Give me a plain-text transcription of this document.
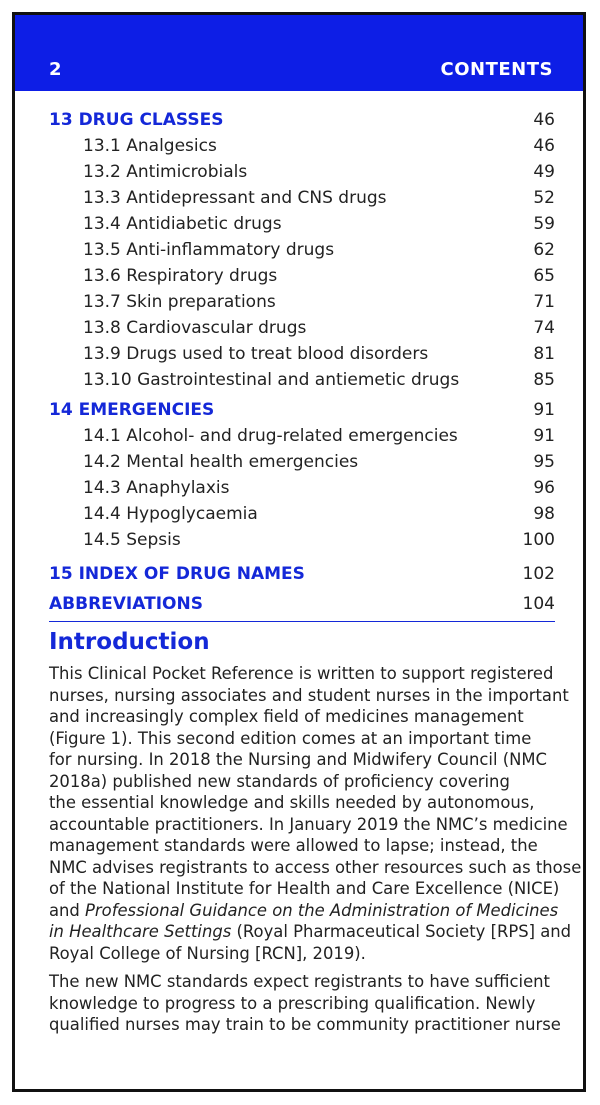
2	CONTENTS
13 DRUG CLASSES	46
13.1 Analgesics	46
13.2 Antimicrobials	49
13.3 Antidepressant and CNS drugs	52
13.4 Antidiabetic drugs	59
13.5 Anti-inflammatory drugs	62
13.6 Respiratory drugs	65
13.7 Skin preparations	71
13.8 Cardiovascular drugs	74
13.9 Drugs used to treat blood disorders	81
13.10 Gastrointestinal and antiemetic drugs	85
14 EMERGENCIES	91
14.1 Alcohol- and drug-related emergencies	91
14.2 Mental health emergencies	95
14.3 Anaphylaxis	96
14.4 Hypoglycaemia	98
14.5 Sepsis	100
15 INDEX OF DRUG NAMES	102
ABBREVIATIONS	104
Introduction

This Clinical Pocket Reference is written to support registered
nurses, nursing associates and student nurses in the important
and increasingly complex field of medicines management
(Figure 1). This second edition comes at an important time
for nursing. In 2018 the Nursing and Midwifery Council (NMC
2018a) published new standards of proficiency covering
the essential knowledge and skills needed by autonomous,
accountable practitioners. In January 2019 the NMC’s medicine
management standards were allowed to lapse; instead, the
NMC advises registrants to access other resources such as those
of the National Institute for Health and Care Excellence (NICE)
and Professional Guidance on the Administration of Medicines
in Healthcare Settings (Royal Pharmaceutical Society [RPS] and
Royal College of Nursing [RCN], 2019).

The new NMC standards expect registrants to have sufficient
knowledge to progress to a prescribing qualification. Newly
qualified nurses may train to be community practitioner nurse
